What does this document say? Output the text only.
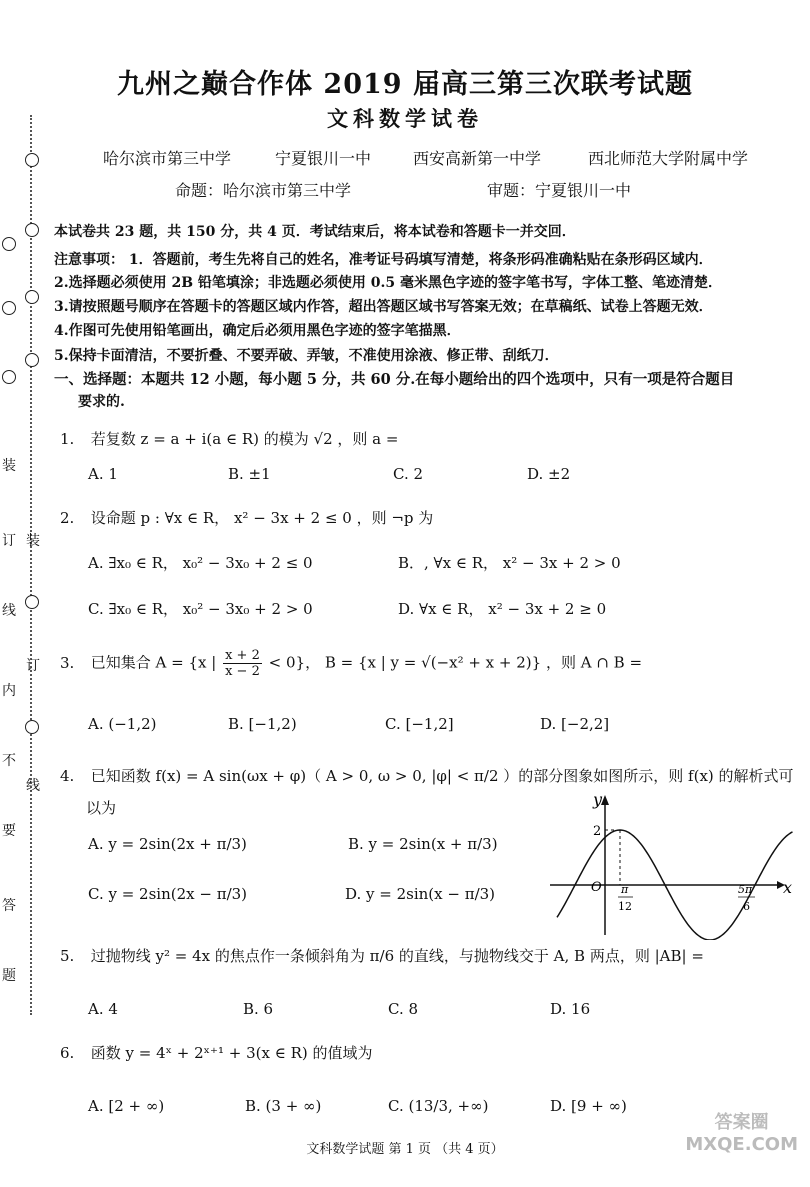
装
订
线
内
不
要
答
题
装
订
线
九州之巅合作体 2019 届高三第三次联考试题
文科数学试卷
哈尔滨市第三中学	宁夏银川一中	西安高新第一中学	西北师范大学附属中学
命题：哈尔滨市第三中学	审题：宁夏银川一中
本试卷共 23 题，共 150 分，共 4 页．考试结束后，将本试卷和答题卡一并交回．
注意事项： 1．答题前，考生先将自己的姓名，准考证号码填写清楚，将条形码准确粘贴在条形码区域内．
2.选择题必须使用 2B 铅笔填涂；非选题必须使用 0.5 毫米黑色字迹的签字笔书写，字体工整、笔迹清楚．
3.请按照题号顺序在答题卡的答题区域内作答，超出答题区域书写答案无效；在草稿纸、试卷上答题无效．
4.作图可先使用铅笔画出，确定后必须用黑色字迹的签字笔描黑．
5.保持卡面清洁，不要折叠、不要弄破、弄皱，不准使用涂液、修正带、刮纸刀．
一、选择题：本题共 12 小题，每小题 5 分，共 60 分.在每小题给出的四个选项中，只有一项是符合题目
要求的.
1. 若复数 z = a + i(a ∈ R) 的模为 √2 ，则 a =
A. 1	B. ±1	C. 2	D. ±2
2. 设命题 p : ∀x ∈ R， x² − 3x + 2 ≤ 0 ，则 ¬p 为
A. ∃x₀ ∈ R， x₀² − 3x₀ + 2 ≤ 0	B．, ∀x ∈ R， x² − 3x + 2 > 0
C. ∃x₀ ∈ R， x₀² − 3x₀ + 2 > 0	D. ∀x ∈ R， x² − 3x + 2 ≥ 0
3. 已知集合 A = {x | $\frac{x + 2}{x - 2} < 0$}， B = {x | y = √(−x² + x + 2)} ，则 A ∩ B =
A. (−1,2)	B. [−1,2)	C. [−1,2]	D. [−2,2]
4. 已知函数 f(x) = A sin(ωx + φ)（ A > 0, ω > 0, |φ| < π/2 ）的部分图象如图所示，则 f(x) 的解析式可
以为
A. y = 2sin(2x + π/3)	B. y = 2sin(x + π/3)
C. y = 2sin(2x − π/3)	D. y = 2sin(x − π/3)
y
x
O
2
π
12
5π
6
5. 过抛物线 y² = 4x 的焦点作一条倾斜角为 π/6 的直线，与抛物线交于 A, B 两点，则 |AB| =
A. 4	B. 6	C. 8	D. 16
6. 函数 y = 4ˣ + 2ˣ⁺¹ + 3(x ∈ R) 的值域为
A. [2 + ∞)	B. (3 + ∞)	C. (13/3, +∞)	D. [9 + ∞)
文科数学试题 第 1 页 （共 4 页）
答案圈
MXQE.COM
